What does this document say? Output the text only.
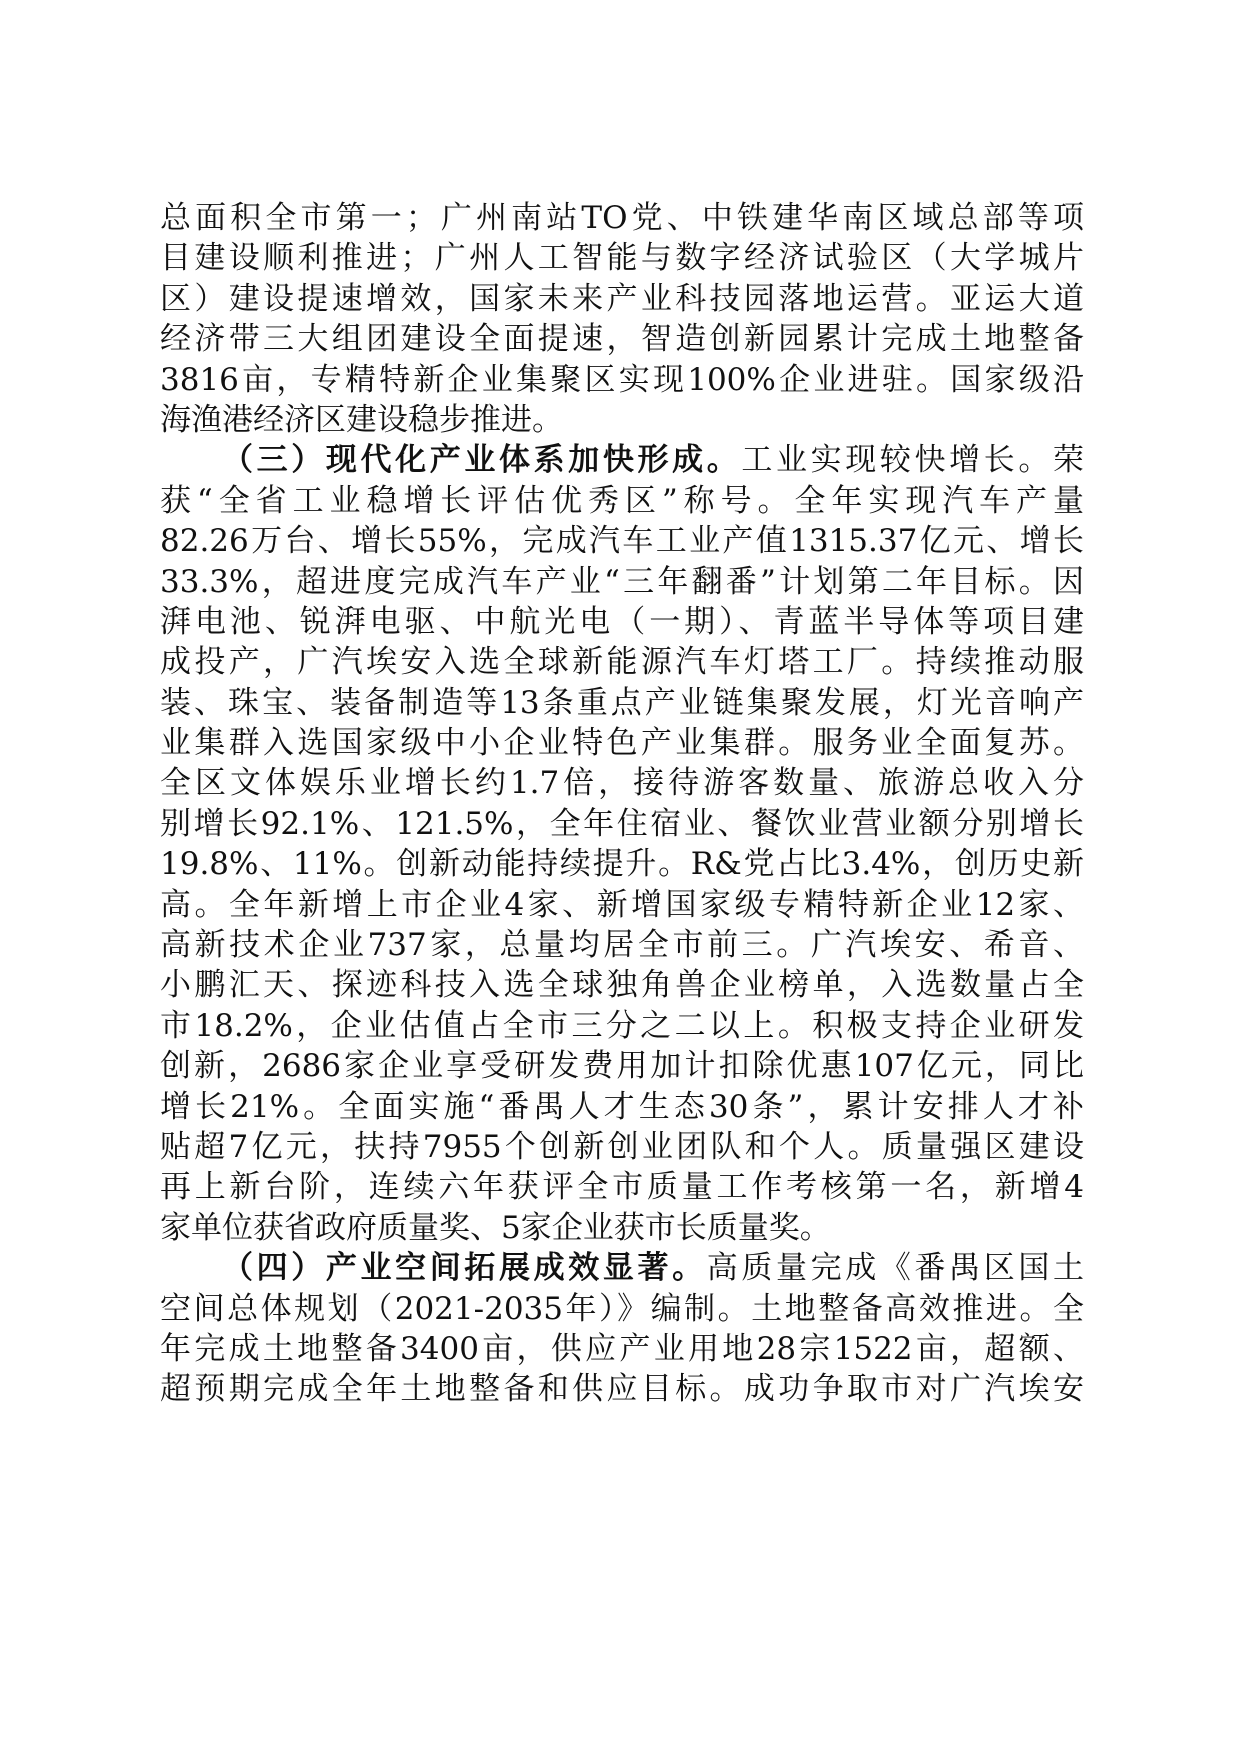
总面积全市第一；广州南站TO党、中铁建华南区域总部等项
目建设顺利推进；广州人工智能与数字经济试验区（大学城片
区）建设提速增效，国家未来产业科技园落地运营。亚运大道
经济带三大组团建设全面提速，智造创新园累计完成土地整备
3816亩，专精特新企业集聚区实现100%企业进驻。国家级沿
海渔港经济区建设稳步推进。
（三）现代化产业体系加快形成。工业实现较快增长。荣
获“全省工业稳增长评估优秀区”称号。全年实现汽车产量
82.26万台、增长55%，完成汽车工业产值1315.37亿元、增长
33.3%，超进度完成汽车产业“三年翻番”计划第二年目标。因
湃电池、锐湃电驱、中航光电（一期）、青蓝半导体等项目建
成投产，广汽埃安入选全球新能源汽车灯塔工厂。持续推动服
装、珠宝、装备制造等13条重点产业链集聚发展，灯光音响产
业集群入选国家级中小企业特色产业集群。服务业全面复苏。
全区文体娱乐业增长约1.7倍，接待游客数量、旅游总收入分
别增长92.1%、121.5%，全年住宿业、餐饮业营业额分别增长
19.8%、11%。创新动能持续提升。R&党占比3.4%，创历史新
高。全年新增上市企业4家、新增国家级专精特新企业12家、
高新技术企业737家，总量均居全市前三。广汽埃安、希音、
小鹏汇天、探迹科技入选全球独角兽企业榜单，入选数量占全
市18.2%，企业估值占全市三分之二以上。积极支持企业研发
创新，2686家企业享受研发费用加计扣除优惠107亿元，同比
增长21%。全面实施“番禺人才生态30条”，累计安排人才补
贴超7亿元，扶持7955个创新创业团队和个人。质量强区建设
再上新台阶，连续六年获评全市质量工作考核第一名，新增4
家单位获省政府质量奖、5家企业获市长质量奖。
（四）产业空间拓展成效显著。高质量完成《番禺区国土
空间总体规划（2021-2035年）》编制。土地整备高效推进。全
年完成土地整备3400亩，供应产业用地28宗1522亩，超额、
超预期完成全年土地整备和供应目标。成功争取市对广汽埃安
